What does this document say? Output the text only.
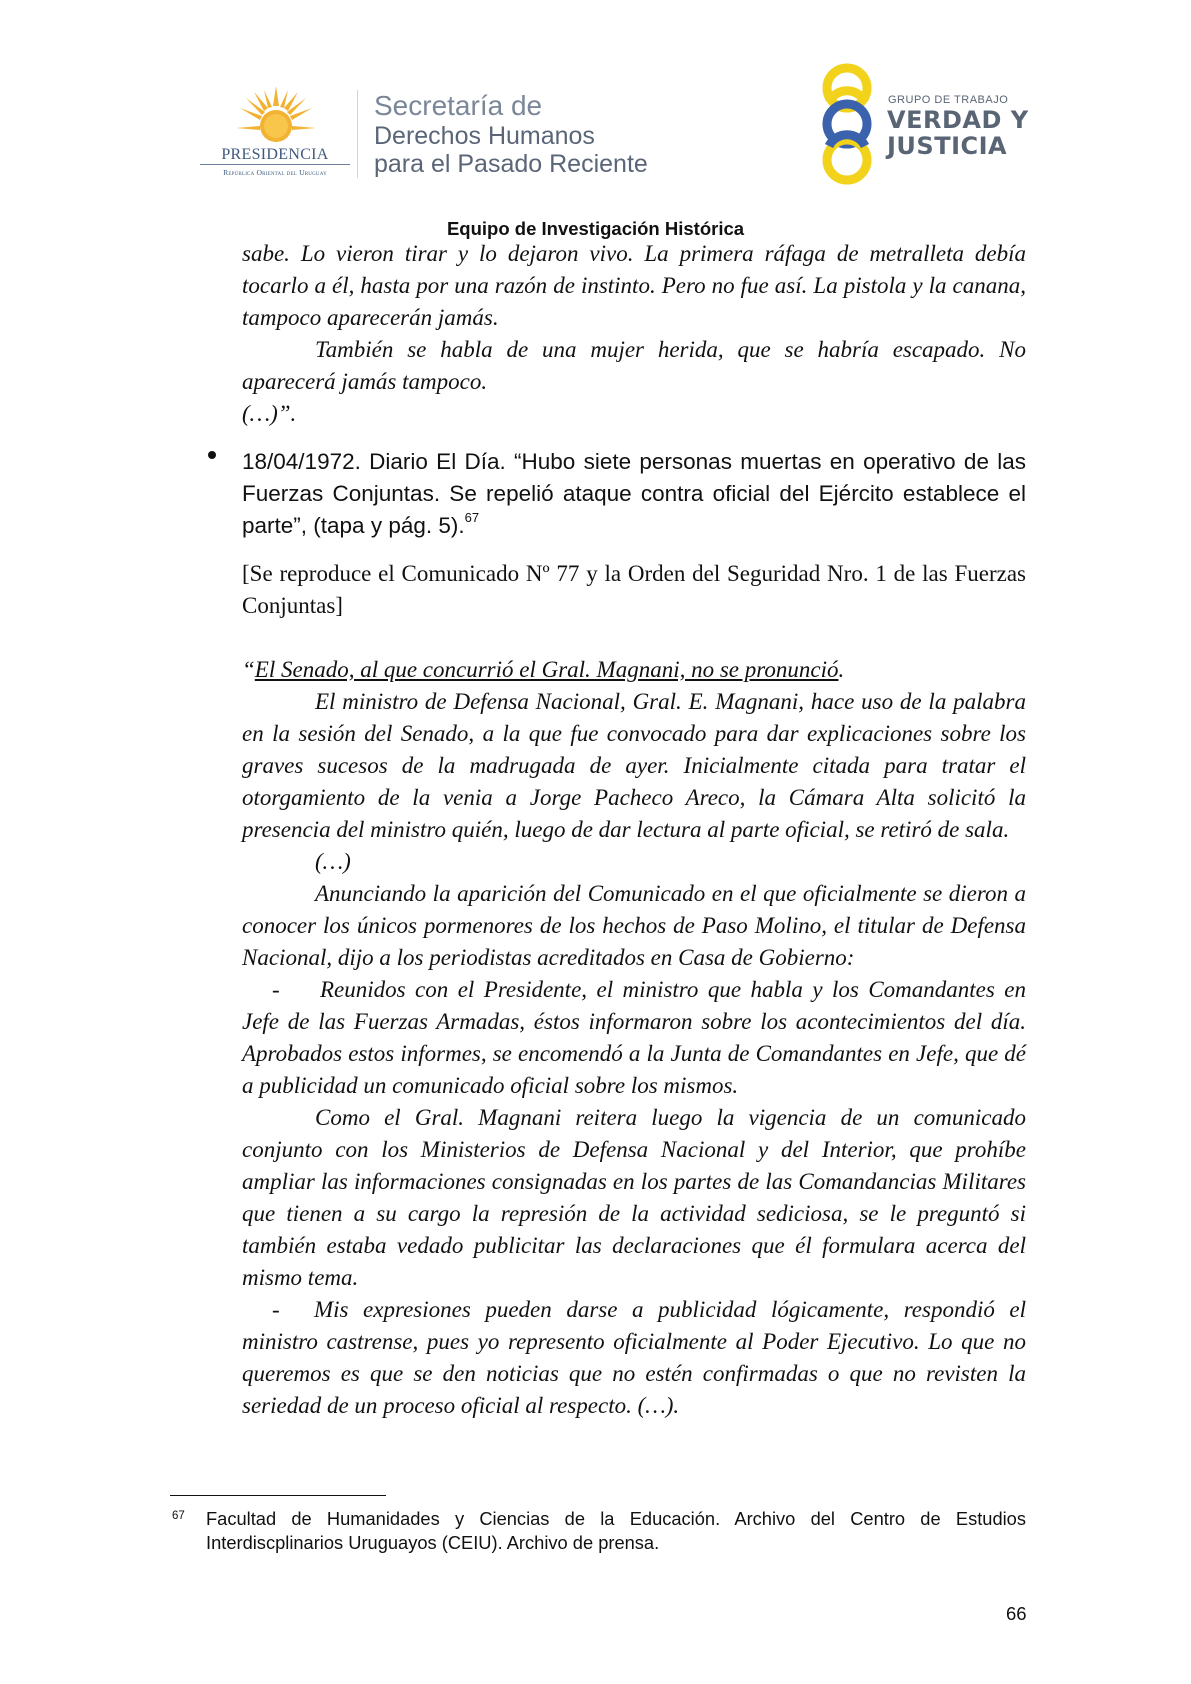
PRESIDENCIA
República Oriental del Uruguay
Secretaría de
Derechos Humanos
para el Pasado Reciente
GRUPO DE TRABAJO
VERDAD Y
JUSTICIA
Equipo de Investigación Histórica

sabe. Lo vieron tirar y lo dejaron vivo. La primera ráfaga de metralleta debía tocarlo a él, hasta por una razón de instinto. Pero no fue así. La pistola y la canana, tampoco aparecerán jamás.

También se habla de una mujer herida, que se habría escapado. No aparecerá jamás tampoco.

(…)”.

18/04/1972. Diario El Día. “Hubo siete personas muertas en operativo de las Fuerzas Conjuntas. Se repelió ataque contra oficial del Ejército establece el parte”, (tapa y pág. 5).$^{67}$
[Se reproduce el Comunicado Nº 77 y la Orden del Seguridad Nro. 1 de las Fuerzas Conjuntas]

“El Senado, al que concurrió el Gral. Magnani, no se pronunció.

El ministro de Defensa Nacional, Gral. E. Magnani, hace uso de la palabra en la sesión del Senado, a la que fue convocado para dar explicaciones sobre los graves sucesos de la madrugada de ayer. Inicialmente citada para tratar el otorgamiento de la venia a Jorge Pacheco Areco, la Cámara Alta solicitó la presencia del ministro quién, luego de dar lectura al parte oficial, se retiró de sala.

(…)

Anunciando la aparición del Comunicado en el que oficialmente se dieron a conocer los únicos pormenores de los hechos de Paso Molino, el titular de Defensa Nacional, dijo a los periodistas acreditados en Casa de Gobierno:

- Reunidos con el Presidente, el ministro que habla y los Comandantes en Jefe de las Fuerzas Armadas, éstos informaron sobre los acontecimientos del día. Aprobados estos informes, se encomendó a la Junta de Comandantes en Jefe, que dé a publicidad un comunicado oficial sobre los mismos.

Como el Gral. Magnani reitera luego la vigencia de un comunicado conjunto con los Ministerios de Defensa Nacional y del Interior, que prohíbe ampliar las informaciones consignadas en los partes de las Comandancias Militares que tienen a su cargo la represión de la actividad sediciosa, se le preguntó si también estaba vedado publicitar las declaraciones que él formulara acerca del mismo tema.

- Mis expresiones pueden darse a publicidad lógicamente, respondió el ministro castrense, pues yo represento oficialmente al Poder Ejecutivo. Lo que no queremos es que se den noticias que no estén confirmadas o que no revisten la seriedad de un proceso oficial al respecto. (…).

67 Facultad de Humanidades y Ciencias de la Educación. Archivo del Centro de Estudios Interdiscplinarios Uruguayos (CEIU). Archivo de prensa.
66
